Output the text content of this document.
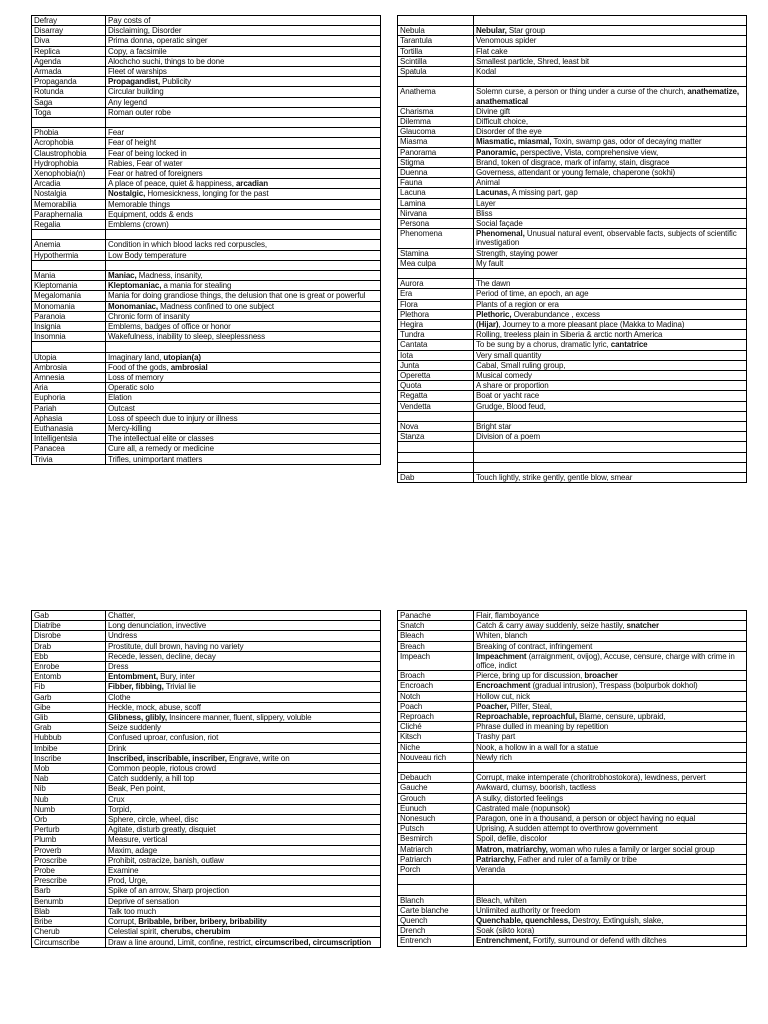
Defray	Pay costs of
Disarray	Disclaiming, Disorder
Diva	Prima donna, operatic singer
Replica	Copy, a facsimile
Agenda	Alochcho suchi, things to be done
Armada	Fleet of warships
Propaganda	Propagandist, Publicity
Rotunda	Circular building
Saga	Any legend
Toga	Roman outer robe

Phobia	Fear
Acrophobia	Fear of height
Claustrophobia	Fear of being locked in
Hydrophobia	Rabies, Fear of water
Xenophobia(n)	Fear or hatred of foreigners
Arcadia	A place of peace, quiet & happiness, arcadian
Nostalgia	Nostalgic, Homesickness, longing for the past
Memorabilia	Memorable things
Paraphernalia	Equipment, odds & ends
Regalia	Emblems (crown)

Anemia	Condition in which blood lacks red corpuscles,
Hypothermia	Low Body temperature

Mania	Maniac, Madness, insanity,
Kleptomania	Kleptomaniac, a mania for stealing
Megalomania	Mania for doing grandiose things, the delusion that one is great or powerful
Monomania	Monomaniac, Madness confined to one subject
Paranoia	Chronic form of insanity
Insignia	Emblems, badges of office or honor
Insomnia	Wakefulness, inability to sleep, sleeplessness

Utopia	Imaginary land, utopian(a)
Ambrosia	Food of the gods, ambrosial
Amnesia	Loss of memory
Aria	Operatic solo
Euphoria	Elation
Pariah	Outcast
Aphasia	Loss of speech due to injury or illness
Euthanasia	Mercy-killing
Intelligentsia	The intellectual elite or classes
Panacea	Cure all, a remedy or medicine
Trivia	Trifles, unimportant matters

Nebula	Nebular, Star group
Tarantula	Venomous spider
Tortilla	Flat cake
Scintilla	Smallest particle, Shred, least bit
Spatula	Kodal

Anathema	Solemn curse, a person or thing under a curse of the church, anathematize, anathematical
Charisma	Divine gift
Dilemma	Difficult choice,
Glaucoma	Disorder of the eye
Miasma	Miasmatic, miasmal, Toxin, swamp gas, odor of decaying matter
Panorama	Panoramic, perspective, Vista, comprehensive view,
Stigma	Brand, token of disgrace, mark of infamy, stain, disgrace
Duenna	Governess, attendant or young female, chaperone (sokhi)
Fauna	Animal
Lacuna	Lacunas, A missing part, gap
Lamina	Layer
Nirvana	Bliss
Persona	Social façade
Phenomena	Phenomenal, Unusual natural event, observable facts, subjects of scientific investigation
Stamina	Strength, staying power
Mea culpa	My fault

Aurora	The dawn
Era	Period of time, an epoch, an age
Flora	Plants of a region or era
Plethora	Plethoric, Overabundance , excess
Hegira	(Hijar), Journey to a more pleasant place (Makka to Madina)
Tundra	Rolling, treeless plain in Siberia & arctic north America
Cantata	To be sung by a chorus, dramatic lyric, cantatrice
Iota	Very small quantity
Junta	Cabal, Small ruling group,
Operetta	Musical comedy
Quota	A share or proportion
Regatta	Boat or yacht race
Vendetta	Grudge, Blood feud,

Nova	Bright star
Stanza	Division of a poem

Dab	Touch lightly, strike gently, gentle blow, smear
Gab	Chatter,
Diatribe	Long denunciation, invective
Disrobe	Undress
Drab	Prostitute, dull brown, having no variety
Ebb	Recede, lessen, decline, decay
Enrobe	Dress
Entomb	Entombment, Bury, inter
Fib	Fibber, fibbing, Trivial lie
Garb	Clothe
Gibe	Heckle, mock, abuse, scoff
Glib	Glibness, glibly, Insincere manner, fluent, slippery, voluble
Grab	Seize suddenly
Hubbub	Confused uproar, confusion, riot
Imbibe	Drink
Inscribe	Inscribed, inscribable, inscriber, Engrave, write on
Mob	Common people, riotous crowd
Nab	Catch suddenly, a hill top
Nib	Beak, Pen point,
Nub	Crux
Numb	Torpid,
Orb	Sphere, circle, wheel, disc
Perturb	Agitate, disturb greatly, disquiet
Plumb	Measure, vertical
Proverb	Maxim, adage
Proscribe	Prohibit, ostracize, banish, outlaw
Probe	Examine
Prescribe	Prod, Urge,
Barb	Spike of an arrow, Sharp projection
Benumb	Deprive of sensation
Blab	Talk too much
Bribe	Corrupt, Bribable, briber, bribery, bribability
Cherub	Celestial spirit, cherubs, cherubim
Circumscribe	Draw a line around, Limit, confine, restrict, circumscribed, circumscription
Panache	Flair, flamboyance
Snatch	Catch & carry away suddenly, seize hastily, snatcher
Bleach	Whiten, blanch
Breach	Breaking of contract, infringement
Impeach	Impeachment (arraignment, ovijog), Accuse, censure, charge with crime in office, indict
Broach	Pierce, bring up for discussion, broacher
Encroach	Encroachment (gradual intrusion), Trespass (bolpurbok dokhol)
Notch	Hollow cut, nick
Poach	Poacher, Pilfer, Steal,
Reproach	Reproachable, reproachful, Blame, censure, upbraid,
Cliché	Phrase dulled in meaning by repetition
Kitsch	Trashy part
Niche	Nook, a hollow in a wall for a statue
Nouveau rich	Newly rich

Debauch	Corrupt, make intemperate (choritrobhostokora), lewdness, pervert
Gauche	Awkward, clumsy, boorish, tactless
Grouch	A sulky, distorted feelings
Eunuch	Castrated male (nopunsok)
Nonesuch	Paragon, one in a thousand, a person or object having no equal
Putsch	Uprising, A sudden attempt to overthrow government
Besmirch	Spoil, defile, discolor
Matriarch	Matron, matriarchy, woman who rules a family or larger social group
Patriarch	Patriarchy, Father and ruler of a family or tribe
Porch	Veranda

Blanch	Bleach, whiten
Carte blanche	Unlimited authority or freedom
Quench	Quenchable, quenchless, Destroy, Extinguish, slake,
Drench	Soak (sikto kora)
Entrench	Entrenchment, Fortify, surround or defend with ditches
